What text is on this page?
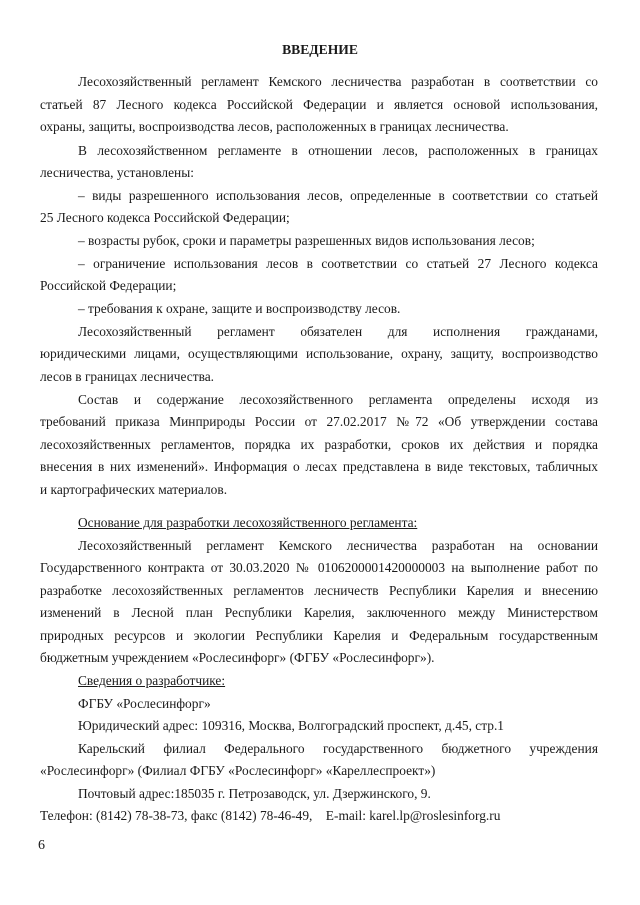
ВВЕДЕНИЕ
Лесохозяйственный регламент Кемского лесничества разработан в соответствии со
статьей 87 Лесного кодекса Российской Федерации и является основой использования,
охраны, защиты, воспроизводства лесов, расположенных в границах лесничества.
В лесохозяйственном регламенте в отношении лесов, расположенных в границах
лесничества, установлены:
– виды разрешенного использования лесов, определенные в соответствии со статьей
25 Лесного кодекса Российской Федерации;
– возрасты рубок, сроки и параметры разрешенных видов использования лесов;
– ограничение использования лесов в соответствии со статьей 27 Лесного кодекса
Российской Федерации;
– требования к охране, защите и воспроизводству лесов.
Лесохозяйственный регламент обязателен для исполнения гражданами,
юридическими лицами, осуществляющими использование, охрану, защиту, воспроизводство
лесов в границах лесничества.
Состав и содержание лесохозяйственного регламента определены исходя из
требований приказа Минприроды России от 27.02.2017 №72 «Об утверждении состава
лесохозяйственных регламентов, порядка их разработки, сроков их действия и порядка
внесения в них изменений». Информация о лесах представлена в виде текстовых, табличных
и картографических материалов.
Основание для разработки лесохозяйственного регламента:
Лесохозяйственный регламент Кемского лесничества разработан на основании
Государственного контракта от 30.03.2020 № 0106200001420000003 на выполнение работ по
разработке лесохозяйственных регламентов лесничеств Республики Карелия и внесению
изменений в Лесной план Республики Карелия, заключенного между Министерством
природных ресурсов и экологии Республики Карелия и Федеральным государственным
бюджетным учреждением «Рослесинфорг» (ФГБУ «Рослесинфорг»).
Сведения о разработчике:
ФГБУ «Рослесинфорг»
Юридический адрес: 109316, Москва, Волгоградский проспект, д.45, стр.1
Карельский филиал Федерального государственного бюджетного учреждения
«Рослесинфорг» (Филиал ФГБУ «Рослесинфорг» «Кареллеспроект»)
Почтовый адрес:185035 г. Петрозаводск, ул. Дзержинского, 9.
Телефон: (8142) 78-38-73, факс (8142) 78-46-49,    E-mail: karel.lp@roslesinforg.ru
6
